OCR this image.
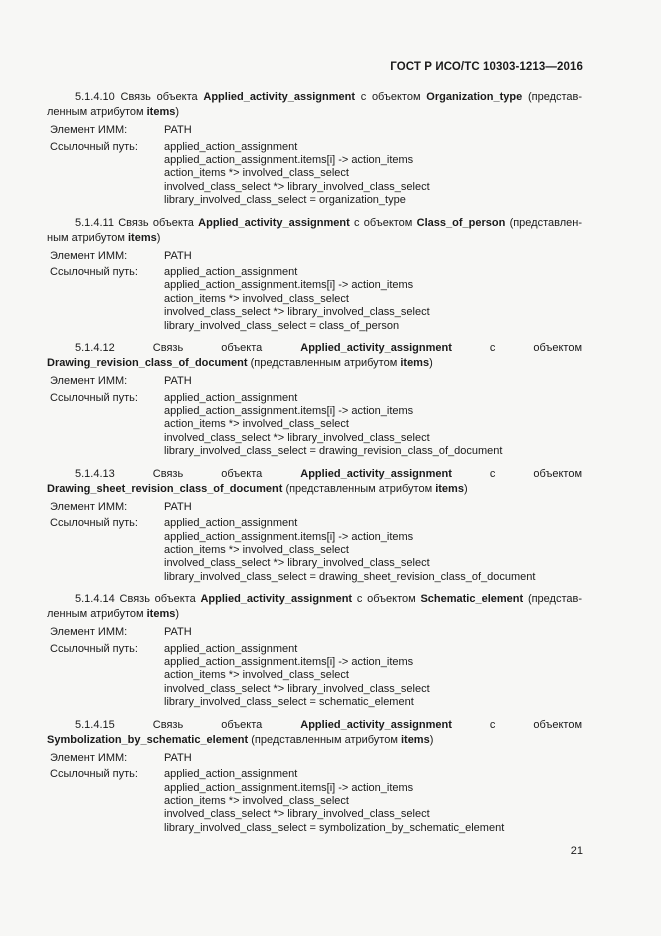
ГОСТ Р ИСО/ТС 10303-1213—2016

5.1.4.10 Связь объекта Applied_activity_assignment с объектом Organization_type (представ-ленным атрибутом items)

Элемент ИММ:	PATH
Ссылочный путь:	applied_action_assignment
applied_action_assignment.items[i] -> action_items
action_items *> involved_class_select
involved_class_select *> library_involved_class_select
library_involved_class_select = organization_type

5.1.4.11 Связь объекта Applied_activity_assignment с объектом Class_of_person (представлен-ным атрибутом items)

Элемент ИММ:	PATH
Ссылочный путь:	applied_action_assignment
applied_action_assignment.items[i] -> action_items
action_items *> involved_class_select
involved_class_select *> library_involved_class_select
library_involved_class_select = class_of_person

5.1.4.12	Связь объекта	Applied_activity_assignment	с объектом Drawing_revision_class_of_document (представленным атрибутом items)

Элемент ИММ:	PATH
Ссылочный путь:	applied_action_assignment
applied_action_assignment.items[i] -> action_items
action_items *> involved_class_select
involved_class_select *> library_involved_class_select
library_involved_class_select = drawing_revision_class_of_document

5.1.4.13	Связь объекта	Applied_activity_assignment	с объектом Drawing_sheet_revision_class_of_document (представленным атрибутом items)

Элемент ИММ:	PATH
Ссылочный путь:	applied_action_assignment
applied_action_assignment.items[i] -> action_items
action_items *> involved_class_select
involved_class_select *> library_involved_class_select
library_involved_class_select = drawing_sheet_revision_class_of_document

5.1.4.14 Связь объекта Applied_activity_assignment с объектом Schematic_element (представ-ленным атрибутом items)

Элемент ИММ:	PATH
Ссылочный путь:	applied_action_assignment
applied_action_assignment.items[i] -> action_items
action_items *> involved_class_select
involved_class_select *> library_involved_class_select
library_involved_class_select = schematic_element

5.1.4.15	Связь объекта	Applied_activity_assignment	с объектом Symbolization_by_schematic_element (представленным атрибутом items)

Элемент ИММ:	PATH
Ссылочный путь:	applied_action_assignment
applied_action_assignment.items[i] -> action_items
action_items *> involved_class_select
involved_class_select *> library_involved_class_select
library_involved_class_select = symbolization_by_schematic_element
21
